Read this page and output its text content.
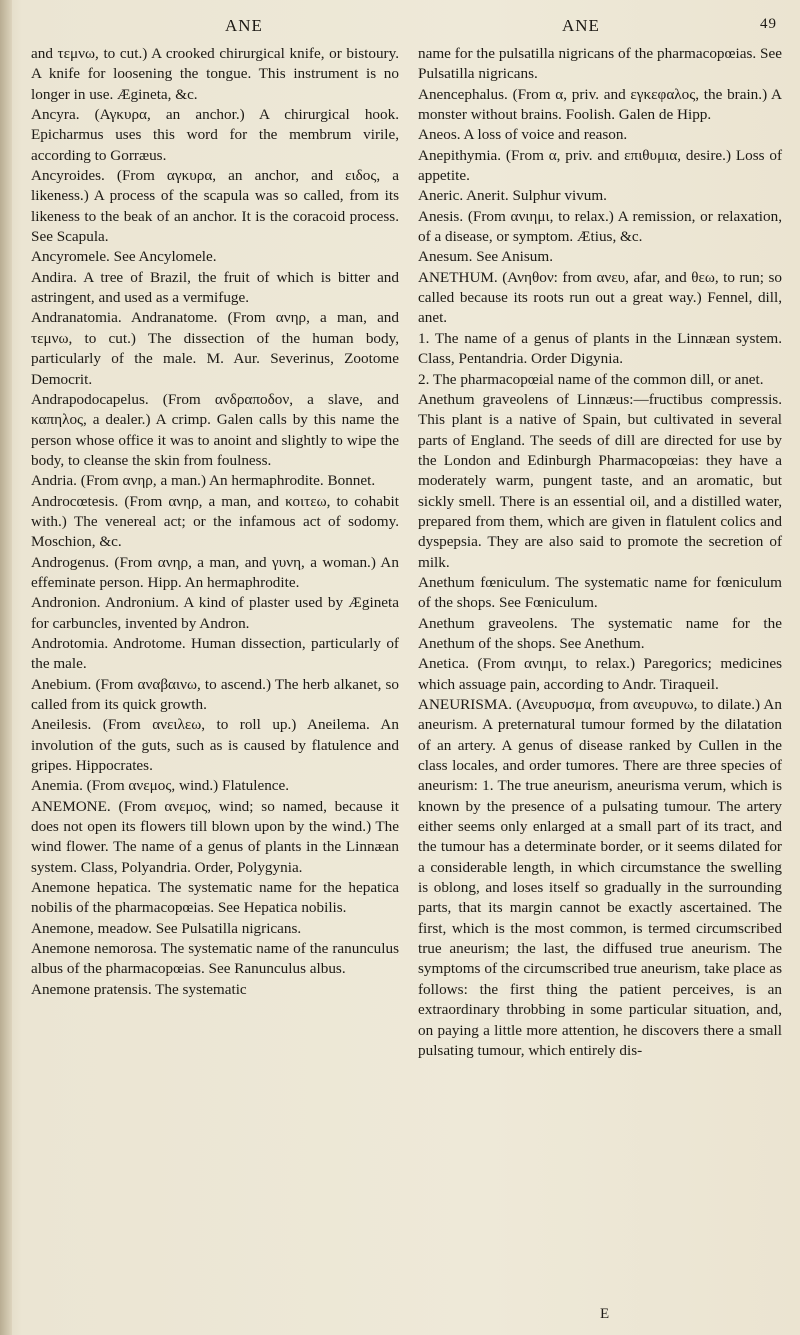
ANE	ANE	49

and τεμνω, to cut.) A crooked chirurgical knife, or bistoury. A knife for loosening the tongue. This instrument is no longer in use. Æginetа, &c.

Ancyra. (Αγκυρα, an anchor.) A chirurgical hook. Epicharmus uses this word for the membrum virile, according to Gorræus.

Ancyroides. (From αγκυρα, an anchor, and ειδος, a likeness.) A process of the scapula was so called, from its likeness to the beak of an anchor. It is the coracoid process. See Scapula.

Ancyromele. See Ancylomele.

Andira. A tree of Brazil, the fruit of which is bitter and astringent, and used as a vermifuge.

Andranatomia. Andranatome. (From ανηρ, a man, and τεμνω, to cut.) The dissection of the human body, particularly of the male. M. Aur. Severinus, Zootome Democrit.

Andrapodocapelus. (From ανδραποδον, a slave, and καπηλος, a dealer.) A crimp. Galen calls by this name the person whose office it was to anoint and slightly to wipe the body, to cleanse the skin from foulness.

Andria. (From ανηρ, a man.) An hermaphrodite. Bonnet.

Androcœtesis. (From ανηρ, a man, and κοιτεω, to cohabit with.) The venereal act; or the infamous act of sodomy. Moschion, &c.

Androgenus. (From ανηρ, a man, and γυνη, a woman.) An effeminate person. Hipp. An hermaphrodite.

Andronion. Andronium. A kind of plaster used by Ægineta for carbuncles, invented by Andron.

Androtomia. Androtome. Human dissection, particularly of the male.

Anebium. (From αναβαινω, to ascend.) The herb alkanet, so called from its quick growth.

Aneilesis. (From ανειλεω, to roll up.) Aneilema. An involution of the guts, such as is caused by flatulence and gripes. Hippocrates.

Anemia. (From ανεμος, wind.) Flatulence.

ANEMONE. (From ανεμος, wind; so named, because it does not open its flowers till blown upon by the wind.) The wind flower. The name of a genus of plants in the Linnæan system. Class, Polyandria. Order, Polygynia.

Anemone hepatica. The systematic name for the hepatica nobilis of the pharmacopœias. See Hepatica nobilis.

Anemone, meadow. See Pulsatilla nigricans.

Anemone nemorosa. The systematic name of the ranunculus albus of the pharmacopœias. See Ranunculus albus.

Anemone pratensis. The systematic

name for the pulsatilla nigricans of the pharmacopœias. See Pulsatilla nigricans.

Anencephalus. (From α, priv. and εγκεφαλος, the brain.) A monster without brains. Foolish. Galen de Hipp.

Aneos. A loss of voice and reason.

Anepithymia. (From α, priv. and επιθυμια, desire.) Loss of appetite.

Aneric. Anerit. Sulphur vivum.

Anesis. (From ανιημι, to relax.) A remission, or relaxation, of a disease, or symptom. Ætius, &c.

Anesum. See Anisum.

ANETHUM. (Ανηθον: from ανευ, afar, and θεω, to run; so called because its roots run out a great way.) Fennel, dill, anet.

1. The name of a genus of plants in the Linnæan system. Class, Pentandria. Order Digynia.

2. The pharmacopœial name of the common dill, or anet.

Anethum graveolens of Linnæus:—fructibus compressis. This plant is a native of Spain, but cultivated in several parts of England. The seeds of dill are directed for use by the London and Edinburgh Pharmacopœias: they have a moderately warm, pungent taste, and an aromatic, but sickly smell. There is an essential oil, and a distilled water, prepared from them, which are given in flatulent colics and dyspepsia. They are also said to promote the secretion of milk.

Anethum fœniculum. The systematic name for fœniculum of the shops. See Fœniculum.

Anethum graveolens. The systematic name for the Anethum of the shops. See Anethum.

Anetica. (From ανιημι, to relax.) Paregorics; medicines which assuage pain, according to Andr. Tiraqueil.

ANEURISMA. (Ανευρυσμα, from ανευρυνω, to dilate.) An aneurism. A preternatural tumour formed by the dilatation of an artery. A genus of disease ranked by Cullen in the class locales, and order tumores. There are three species of aneurism: 1. The true aneurism, aneurisma verum, which is known by the presence of a pulsating tumour. The artery either seems only enlarged at a small part of its tract, and the tumour has a determinate border, or it seems dilated for a considerable length, in which circumstance the swelling is oblong, and loses itself so gradually in the surrounding parts, that its margin cannot be exactly ascertained. The first, which is the most common, is termed circumscribed true aneurism; the last, the diffused true aneurism. The symptoms of the circumscribed true aneurism, take place as follows: the first thing the patient perceives, is an extraordinary throbbing in some particular situation, and, on paying a little more attention, he discovers there a small pulsating tumour, which entirely dis-

E
